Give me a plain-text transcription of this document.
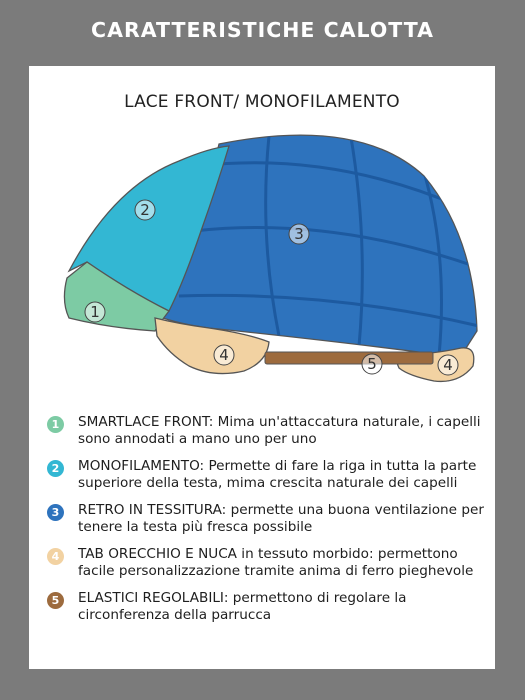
CARATTERISTICHE CALOTTA
LACE FRONT/ MONOFILAMENTO
1
2
3
4	5	4
1	SMARTLACE FRONT: Mima un'attaccatura naturale, i capelli sono annodati a mano uno per uno
2	MONOFILAMENTO: Permette di fare la riga in tutta la parte superiore della testa, mima crescita naturale dei capelli
3	RETRO IN TESSITURA: permette una buona ventilazione per tenere la testa più fresca possibile
4	TAB ORECCHIO E NUCA in tessuto morbido: permettono facile personalizzazione tramite anima di ferro pieghevole
5	ELASTICI REGOLABILI: permettono di regolare la circonferenza della parrucca
